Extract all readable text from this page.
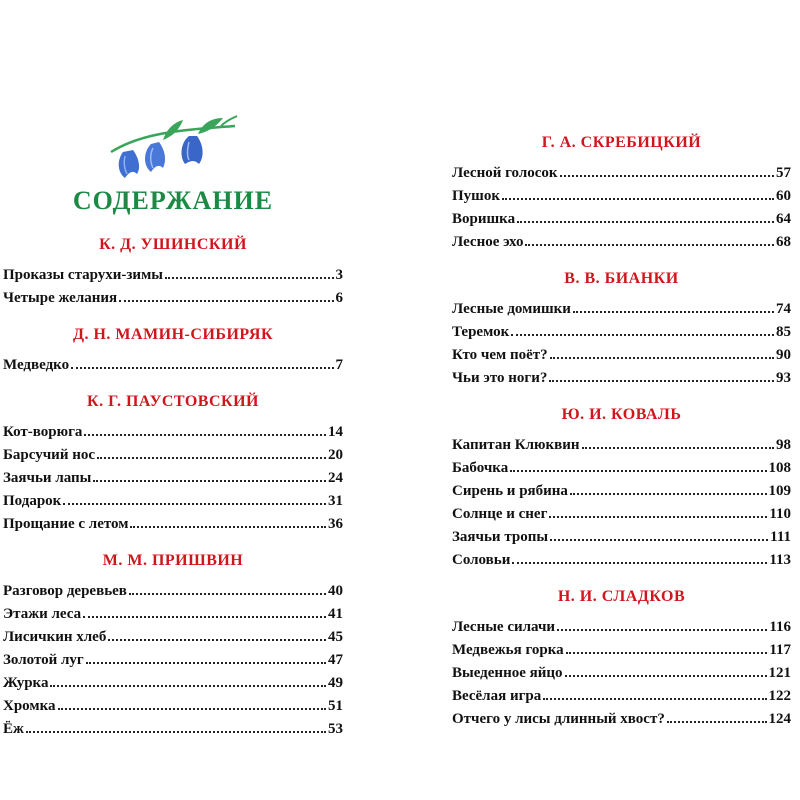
СОДЕРЖАНИЕ
К. Д. УШИНСКИЙ
Проказы старухи-зимы	3
Четыре желания	6
Д. Н. МАМИН-СИБИРЯК
Медведко	7
К. Г. ПАУСТОВСКИЙ
Кот-ворюга	14
Барсучий нос	20
Заячьи лапы	24
Подарок	31
Прощание с летом	36
М. М. ПРИШВИН
Разговор деревьев	40
Этажи леса	41
Лисичкин хлеб	45
Золотой луг	47
Журка	49
Хромка	51
Ёж	53
Г. А. СКРЕБИЦКИЙ
Лесной голосок	57
Пушок	60
Воришка	64
Лесное эхо	68
В. В. БИАНКИ
Лесные домишки	74
Теремок	85
Кто чем поёт?	90
Чьи это ноги?	93
Ю. И. КОВАЛЬ
Капитан Клюквин	98
Бабочка	108
Сирень и рябина	109
Солнце и снег	110
Заячьи тропы	111
Соловьи	113
Н. И. СЛАДКОВ
Лесные силачи	116
Медвежья горка	117
Выеденное яйцо	121
Весёлая игра	122
Отчего у лисы длинный хвост?	124
